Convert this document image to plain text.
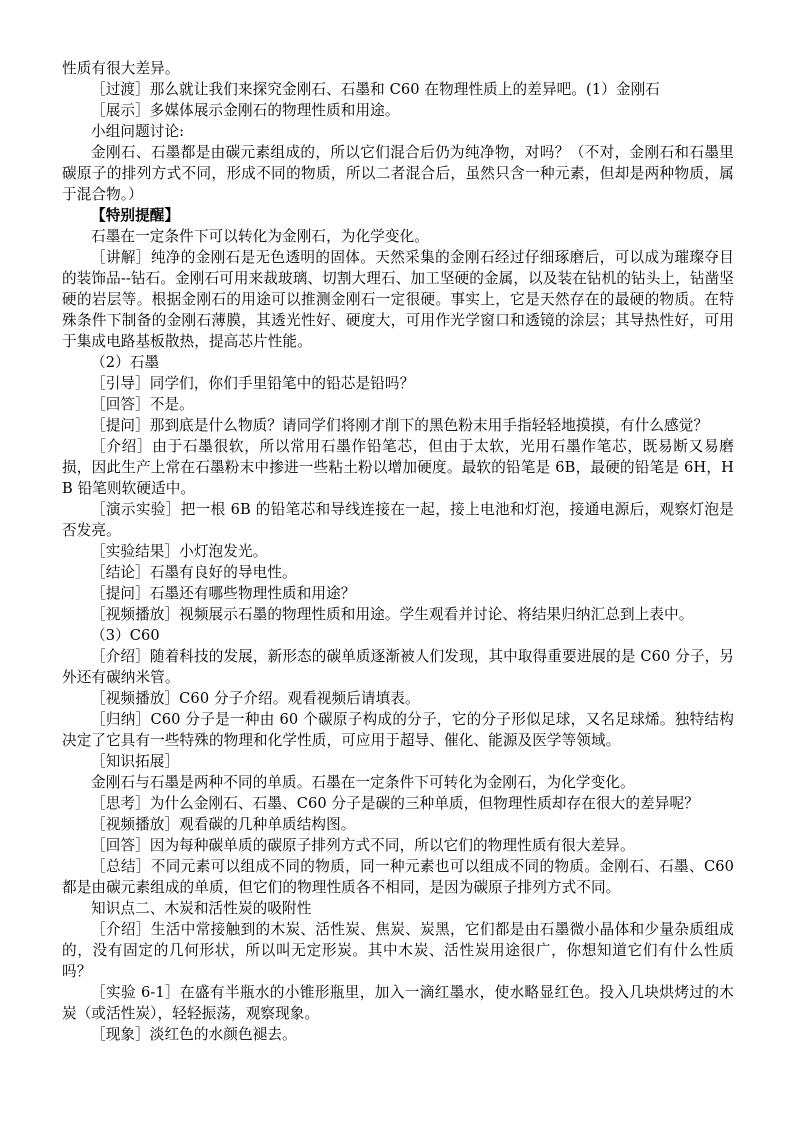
性质有很大差异。

［过渡］那么就让我们来探究金刚石、石墨和 C60 在物理性质上的差异吧。(1）金刚石

［展示］多媒体展示金刚石的物理性质和用途。

小组问题讨论:

金刚石、石墨都是由碳元素组成的，所以它们混合后仍为纯净物，对吗？（不对，金刚石和石墨里碳原子的排列方式不同，形成不同的物质，所以二者混合后，虽然只含一种元素，但却是两种物质，属于混合物。）

【特别提醒】

石墨在一定条件下可以转化为金刚石，为化学变化。

［讲解］纯净的金刚石是无色透明的固体。天然采集的金刚石经过仔细琢磨后，可以成为璀璨夺目的装饰品--钻石。金刚石可用来裁玻璃、切割大理石、加工坚硬的金属，以及装在钻机的钻头上，钻凿坚硬的岩层等。根据金刚石的用途可以推测金刚石一定很硬。事实上，它是天然存在的最硬的物质。在特殊条件下制备的金刚石薄膜，其透光性好、硬度大，可用作光学窗口和透镜的涂层；其导热性好，可用于集成电路基板散热，提高芯片性能。

（2）石墨

［引导］同学们，你们手里铅笔中的铅芯是铅吗？

［回答］不是。

［提问］那到底是什么物质？请同学们将刚才削下的黑色粉末用手指轻轻地摸摸，有什么感觉？

［介绍］由于石墨很软，所以常用石墨作铅笔芯，但由于太软，光用石墨作笔芯，既易断又易磨损，因此生产上常在石墨粉末中掺进一些粘土粉以增加硬度。最软的铅笔是 6B，最硬的铅笔是 6H，HB 铅笔则软硬适中。

［演示实验］把一根 6B 的铅笔芯和导线连接在一起，接上电池和灯泡，接通电源后，观察灯泡是否发亮。

［实验结果］小灯泡发光。

［结论］石墨有良好的导电性。

［提问］石墨还有哪些物理性质和用途？

［视频播放］视频展示石墨的物理性质和用途。学生观看并讨论、将结果归纳汇总到上表中。

（3）C60

［介绍］随着科技的发展，新形态的碳单质逐渐被人们发现，其中取得重要进展的是 C60 分子，另外还有碳纳米管。

［视频播放］C60 分子介绍。观看视频后请填表。

［归纳］C60 分子是一种由 60 个碳原子构成的分子，它的分子形似足球，又名足球烯。独特结构决定了它具有一些特殊的物理和化学性质，可应用于超导、催化、能源及医学等领域。

［知识拓展］

金刚石与石墨是两种不同的单质。石墨在一定条件下可转化为金刚石，为化学变化。

［思考］为什么金刚石、石墨、C60 分子是碳的三种单质，但物理性质却存在很大的差异呢？

［视频播放］观看碳的几种单质结构图。

［回答］因为每种碳单质的碳原子排列方式不同，所以它们的物理性质有很大差异。

［总结］不同元素可以组成不同的物质，同一种元素也可以组成不同的物质。金刚石、石墨、C60 都是由碳元素组成的单质，但它们的物理性质各不相同，是因为碳原子排列方式不同。

知识点二、木炭和活性炭的吸附性

［介绍］生活中常接触到的木炭、活性炭、焦炭、炭黑，它们都是由石墨微小晶体和少量杂质组成的，没有固定的几何形状，所以叫无定形炭。其中木炭、活性炭用途很广，你想知道它们有什么性质吗？

［实验 6-1］在盛有半瓶水的小锥形瓶里，加入一滴红墨水，使水略显红色。投入几块烘烤过的木炭（或活性炭），轻轻振荡，观察现象。

［现象］淡红色的水颜色褪去。
